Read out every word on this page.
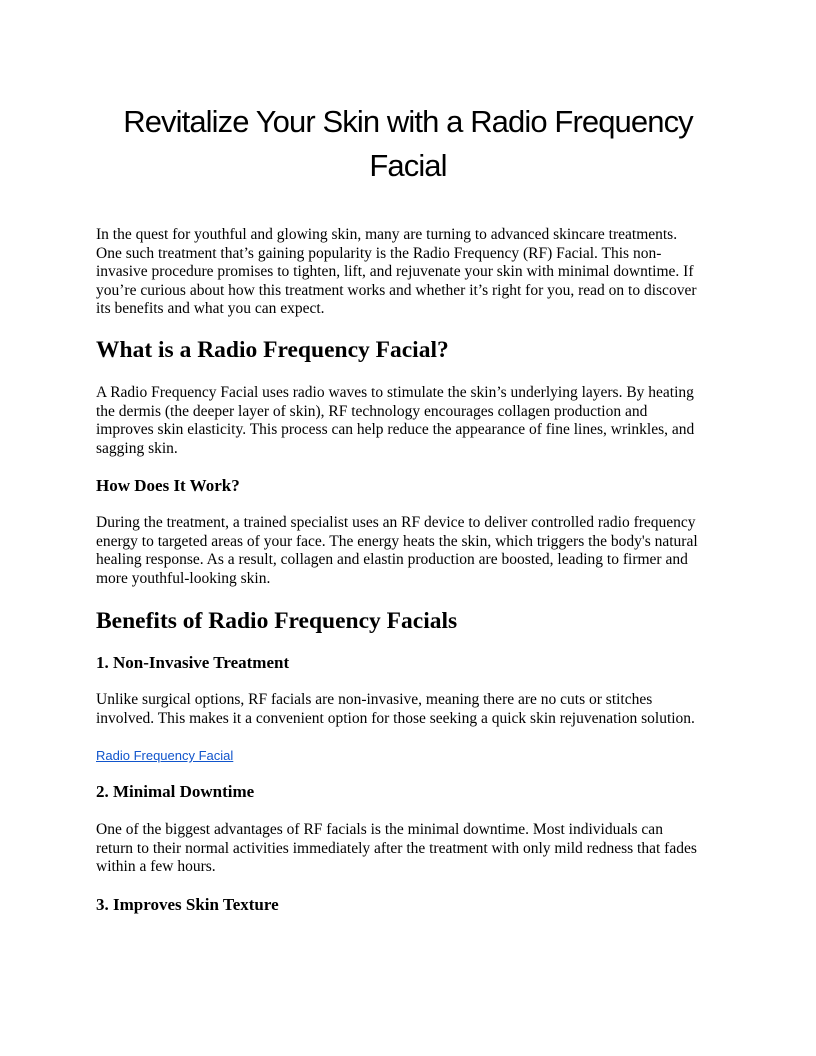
Revitalize Your Skin with a Radio Frequency
Facial
In the quest for youthful and glowing skin, many are turning to advanced skincare treatments.
One such treatment that’s gaining popularity is the Radio Frequency (RF) Facial. This non-
invasive procedure promises to tighten, lift, and rejuvenate your skin with minimal downtime. If
you’re curious about how this treatment works and whether it’s right for you, read on to discover
its benefits and what you can expect.
What is a Radio Frequency Facial?
A Radio Frequency Facial uses radio waves to stimulate the skin’s underlying layers. By heating
the dermis (the deeper layer of skin), RF technology encourages collagen production and
improves skin elasticity. This process can help reduce the appearance of fine lines, wrinkles, and
sagging skin.
How Does It Work?
During the treatment, a trained specialist uses an RF device to deliver controlled radio frequency
energy to targeted areas of your face. The energy heats the skin, which triggers the body's natural
healing response. As a result, collagen and elastin production are boosted, leading to firmer and
more youthful-looking skin.
Benefits of Radio Frequency Facials
1. Non-Invasive Treatment
Unlike surgical options, RF facials are non-invasive, meaning there are no cuts or stitches
involved. This makes it a convenient option for those seeking a quick skin rejuvenation solution.
Radio Frequency Facial
2. Minimal Downtime
One of the biggest advantages of RF facials is the minimal downtime. Most individuals can
return to their normal activities immediately after the treatment with only mild redness that fades
within a few hours.
3. Improves Skin Texture
